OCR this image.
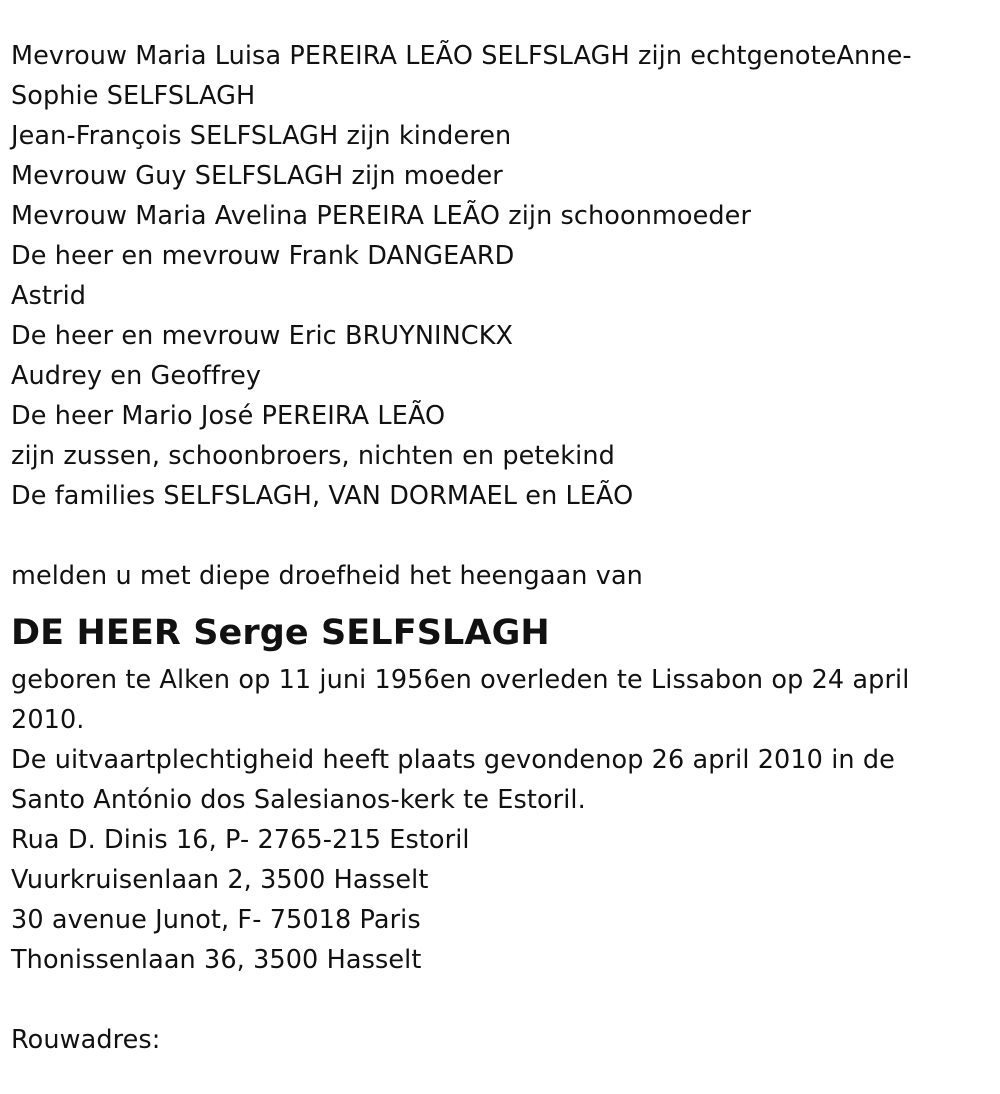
Mevrouw Maria Luisa PEREIRA LEÃO SELFSLAGH zijn echtgenoteAnne-
Sophie SELFSLAGH
Jean-François SELFSLAGH zijn kinderen
Mevrouw Guy SELFSLAGH zijn moeder
Mevrouw Maria Avelina PEREIRA LEÃO zijn schoonmoeder
De heer en mevrouw Frank DANGEARD
Astrid
De heer en mevrouw Eric BRUYNINCKX
Audrey en Geoffrey
De heer Mario José PEREIRA LEÃO
zijn zussen, schoonbroers, nichten en petekind
De families SELFSLAGH, VAN DORMAEL en LEÃO
melden u met diepe droefheid het heengaan van
DE HEER Serge SELFSLAGH
geboren te Alken op 11 juni 1956en overleden te Lissabon op 24 april
2010.
De uitvaartplechtigheid heeft plaats gevondenop 26 april 2010 in de
Santo António dos Salesianos-kerk te Estoril.
Rua D. Dinis 16, P- 2765-215 Estoril
Vuurkruisenlaan 2, 3500 Hasselt
30 avenue Junot, F- 75018 Paris
Thonissenlaan 36, 3500 Hasselt
Rouwadres:
